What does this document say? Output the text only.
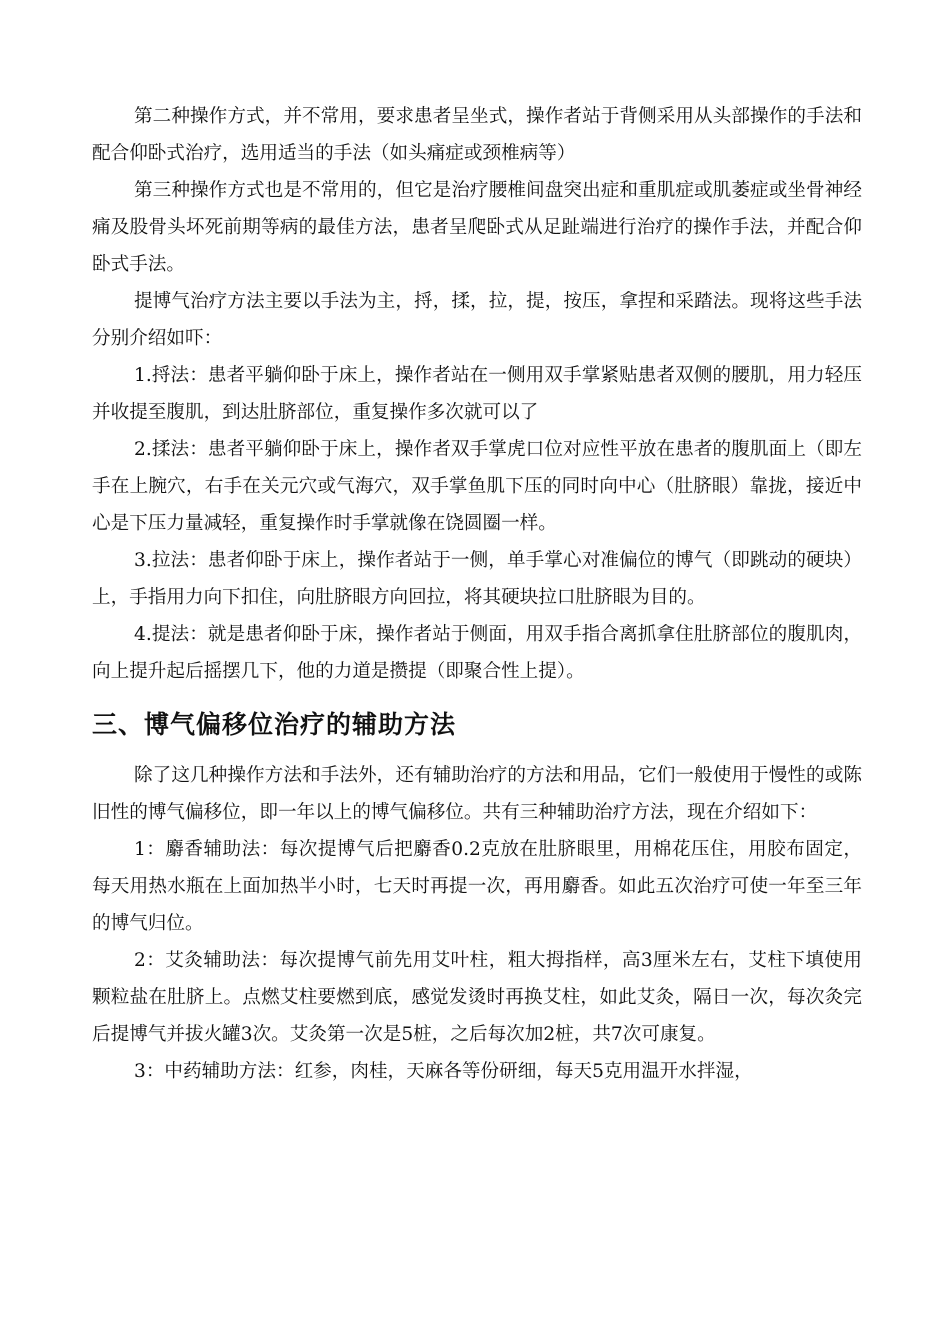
第二种操作方式，并不常用，要求患者呈坐式，操作者站于背侧采用从头部操作的手法和配合仰卧式治疗，选用适当的手法（如头痛症或颈椎病等）

第三种操作方式也是不常用的，但它是治疗腰椎间盘突出症和重肌症或肌萎症或坐骨神经痛及股骨头坏死前期等病的最佳方法，患者呈爬卧式从足趾端进行治疗的操作手法，并配合仰卧式手法。

提博气治疗方法主要以手法为主，捋，揉，拉，提，按压，拿捏和采踏法。现将这些手法分别介绍如吓：

1.捋法：患者平躺仰卧于床上，操作者站在一侧用双手掌紧贴患者双侧的腰肌，用力轻压并收提至腹肌，到达肚脐部位，重复操作多次就可以了

2.揉法：患者平躺仰卧于床上，操作者双手掌虎口位对应性平放在患者的腹肌面上（即左手在上腕穴，右手在关元穴或气海穴，双手掌鱼肌下压的同时向中心（肚脐眼）靠拢，接近中心是下压力量减轻，重复操作时手掌就像在饶圆圈一样。

3.拉法：患者仰卧于床上，操作者站于一侧，单手掌心对准偏位的博气（即跳动的硬块）上，手指用力向下扣住，向肚脐眼方向回拉，将其硬块拉口肚脐眼为目的。

4.提法：就是患者仰卧于床，操作者站于侧面，用双手指合离抓拿住肚脐部位的腹肌肉，向上提升起后摇摆几下，他的力道是攒提（即聚合性上提）。

三、博气偏移位治疗的辅助方法

除了这几种操作方法和手法外，还有辅助治疗的方法和用品，它们一般使用于慢性的或陈旧性的博气偏移位，即一年以上的博气偏移位。共有三种辅助治疗方法，现在介绍如下：

1：麝香辅助法：每次提博气后把麝香0.2克放在肚脐眼里，用棉花压住，用胶布固定，每天用热水瓶在上面加热半小时，七天时再提一次，再用麝香。如此五次治疗可使一年至三年的博气归位。

2：艾灸辅助法：每次提博气前先用艾叶柱，粗大拇指样，高3厘米左右，艾柱下填使用颗粒盐在肚脐上。点燃艾柱要燃到底，感觉发烫时再换艾柱，如此艾灸，隔日一次，每次灸完后提博气并拔火罐3次。艾灸第一次是5桩，之后每次加2桩，共7次可康复。

3：中药辅助方法：红参，肉桂，天麻各等份研细，每天5克用温开水拌湿，
